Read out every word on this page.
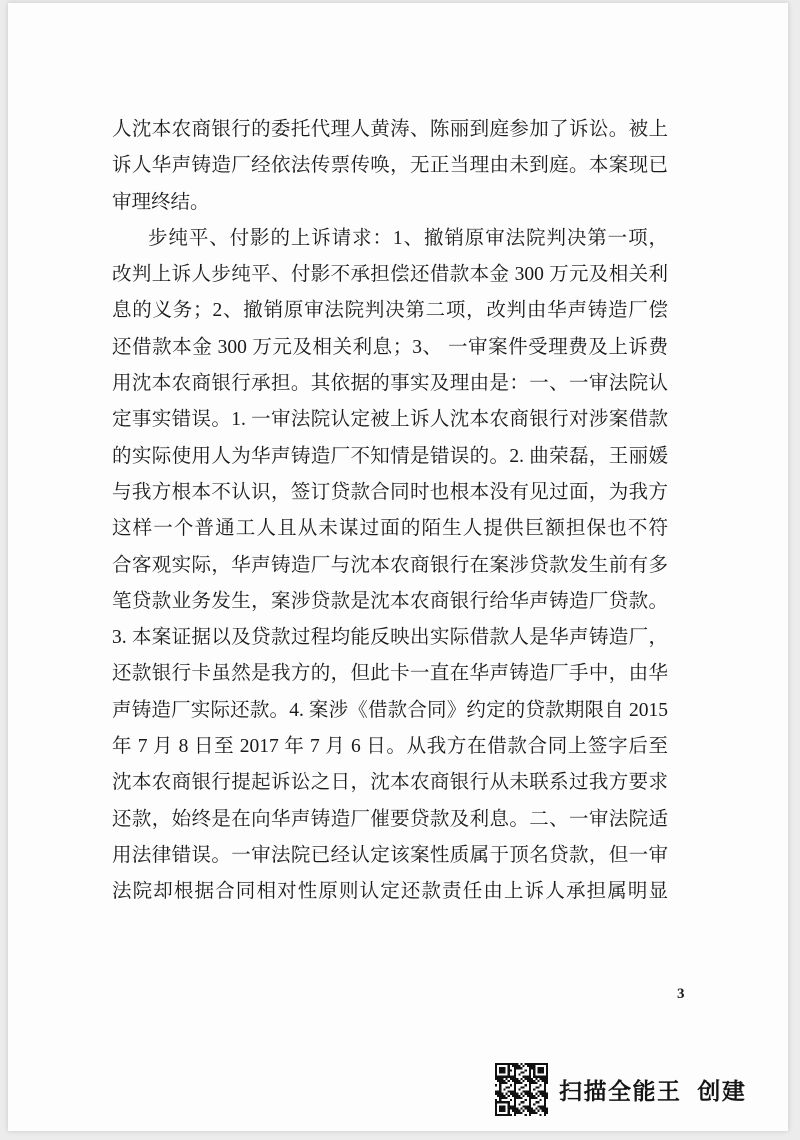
人沈本农商银行的委托代理人黄涛、陈丽到庭参加了诉讼。被上
诉人华声铸造厂经依法传票传唤，无正当理由未到庭。本案现已
审理终结。
步纯平、付影的上诉请求：1、撤销原审法院判决第一项，
改判上诉人步纯平、付影不承担偿还借款本金 300 万元及相关利
息的义务；2、撤销原审法院判决第二项，改判由华声铸造厂偿
还借款本金 300 万元及相关利息；3、 一审案件受理费及上诉费
用沈本农商银行承担。其依据的事实及理由是：一、一审法院认
定事实错误。1. 一审法院认定被上诉人沈本农商银行对涉案借款
的实际使用人为华声铸造厂不知情是错误的。2. 曲荣磊，王丽媛
与我方根本不认识，签订贷款合同时也根本没有见过面，为我方
这样一个普通工人且从未谋过面的陌生人提供巨额担保也不符
合客观实际，华声铸造厂与沈本农商银行在案涉贷款发生前有多
笔贷款业务发生，案涉贷款是沈本农商银行给华声铸造厂贷款。
3. 本案证据以及贷款过程均能反映出实际借款人是华声铸造厂，
还款银行卡虽然是我方的，但此卡一直在华声铸造厂手中，由华
声铸造厂实际还款。4. 案涉《借款合同》约定的贷款期限自 2015
年 7 月 8 日至 2017 年 7 月 6 日。从我方在借款合同上签字后至
沈本农商银行提起诉讼之日，沈本农商银行从未联系过我方要求
还款，始终是在向华声铸造厂催要贷款及利息。二、一审法院适
用法律错误。一审法院已经认定该案性质属于顶名贷款，但一审
法院却根据合同相对性原则认定还款责任由上诉人承担属明显
3
扫描全能王 创建
